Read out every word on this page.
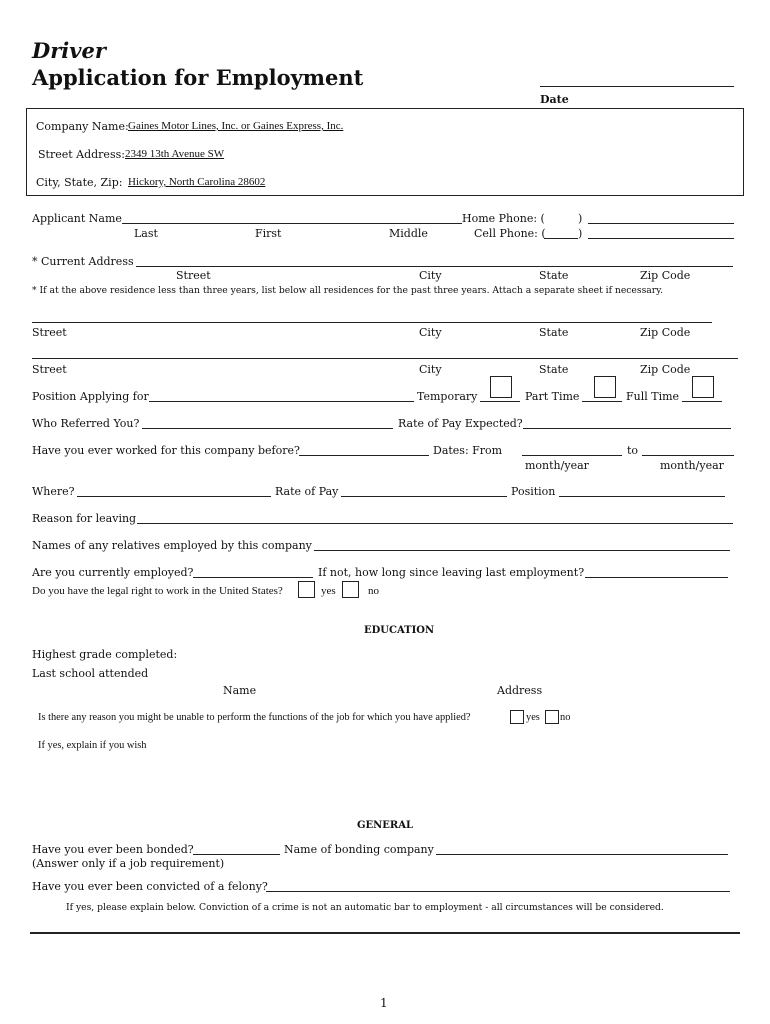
Driver
Application for Employment
Date
Company Name: Gaines Motor Lines, Inc. or Gaines Express, Inc.
Street Address: 2349 13th Avenue SW
City, State, Zip: Hickory, North Carolina 28602
Applicant Name	Home Phone: (	)
Last	First	Middle	Cell Phone: (	)
* Current Address
Street	City	State	Zip Code
* If at the above residence less than three years, list below all residences for the past three years. Attach a separate sheet if necessary.
Street	City	State	Zip Code
Street	City	State	Zip Code
Position Applying for	Temporary	Part Time	Full Time
Who Referred You?	Rate of Pay Expected?
Have you ever worked for this company before?	Dates: From	to
month/year	month/year
Where?	Rate of Pay	Position
Reason for leaving
Names of any relatives employed by this company
Are you currently employed?	If not, how long since leaving last employment?
Do you have the legal right to work in the United States?	yes	no
EDUCATION
Highest grade completed:
Last school attended
Name	Address
Is there any reason you might be unable to perform the functions of the job for which you have applied?	yes no
If yes, explain if you wish
GENERAL
Have you ever been bonded?	Name of bonding company
(Answer only if a job requirement)
Have you ever been convicted of a felony?
If yes, please explain below. Conviction of a crime is not an automatic bar to employment - all circumstances will be considered.
1
